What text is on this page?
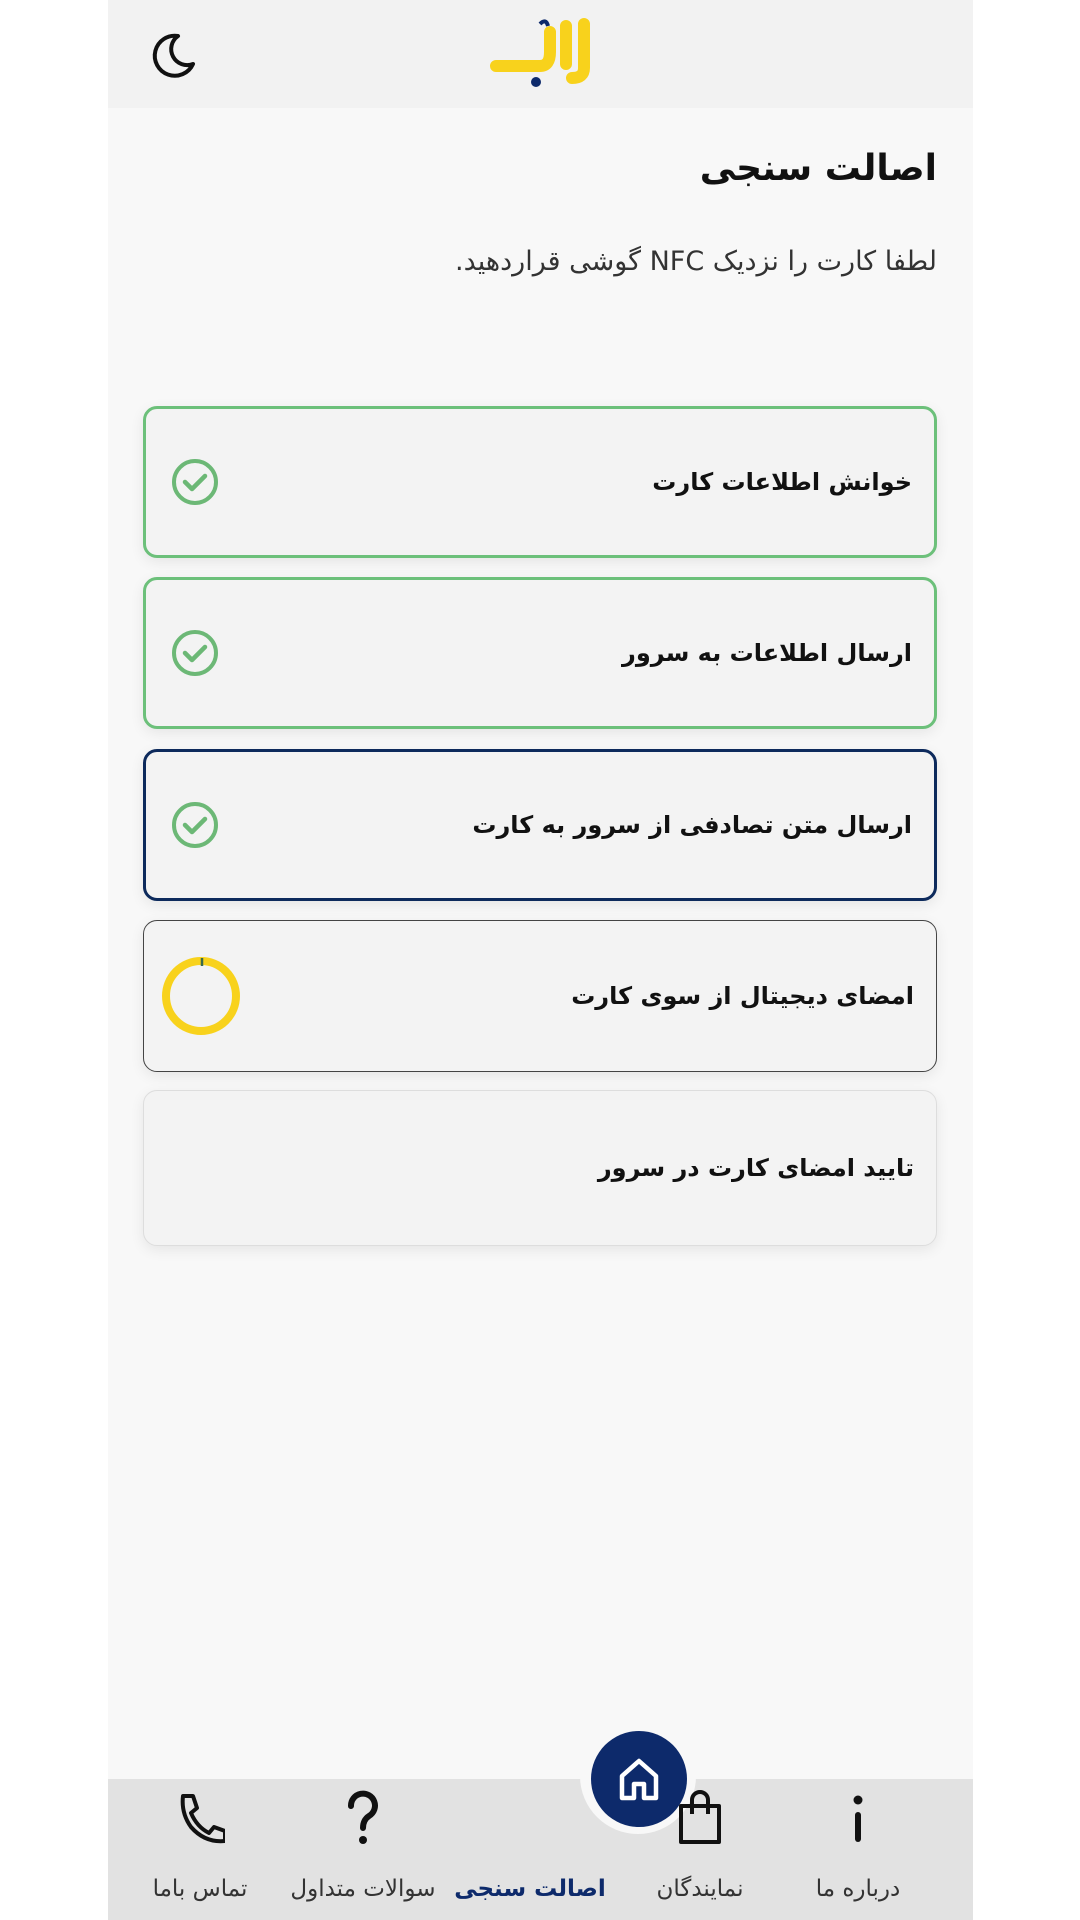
اصالت سنجی
لطفا کارت را نزدیک NFC گوشی قراردهید.
خوانش اطلاعات کارت
ارسال اطلاعات به سرور
ارسال متن تصادفی از سرور به کارت
امضای دیجیتال از سوی کارت
تایید امضای کارت در سرور
درباره ما
نمایندگان
اصالت سنجی
سوالات متداول
تماس باما
